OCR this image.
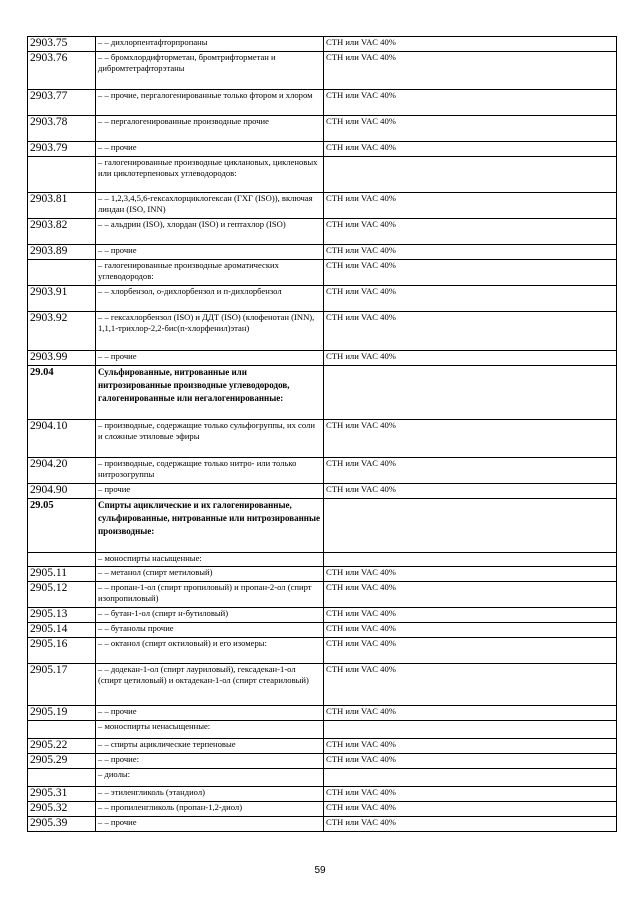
2903.75	– – дихлорпентафторпропаны	СТН или VAC 40%
2903.76	– – бромхлордифторметан, бромтрифторметан и дибромтетрафторэтаны	СТН или VAC 40%
2903.77	– – прочие, пергалогенированные только фтором и хлором	СТН или VAC 40%
2903.78	– – пергалогенированные производные прочие	СТН или VAC 40%
2903.79	– – прочие	СТН или VAC 40%
	– галогенированные производные циклановых, цикленовых или циклотерпеновых углеводородов:	
2903.81	– – 1,2,3,4,5,6-гексахлорциклогексан (ГХГ (ISO)), включая линдан (ISO, INN)	СТН или VAC 40%
2903.82	– – альдрин (ISO), хлордан (ISO) и гептахлор (ISO)	СТН или VAC 40%
2903.89	– – прочие	СТН или VAC 40%
	– галогенированные производные ароматических углеводородов:	СТН или VAC 40%
2903.91	– – хлорбензол, о-дихлорбензол и п-дихлорбензол	СТН или VAC 40%
2903.92	– – гексахлорбензол (ISO) и ДДТ (ISO) (клофенотан (INN), 1,1,1-трихлор-2,2-бис(п-хлорфенил)этан)	СТН или VAC 40%
2903.99	– – прочие	СТН или VAC 40%
29.04	Сульфированные, нитрованные или нитрозированные производные углеводородов, галогенированные или негалогенированные:	
2904.10	– производные, содержащие только сульфогруппы, их соли и сложные этиловые эфиры	СТН или VAC 40%
2904.20	– производные, содержащие только нитро- или только нитрозогруппы	СТН или VAC 40%
2904.90	– прочие	СТН или VAC 40%
29.05	Спирты ациклические и их галогенированные, сульфированные, нитрованные или нитрозированные производные:	
	– моноспирты насыщенные:	
2905.11	– – метанол (спирт метиловый)	СТН или VAC 40%
2905.12	– – пропан-1-ол (спирт пропиловый) и пропан-2-ол (спирт изопропиловый)	СТН или VAC 40%
2905.13	– – бутан-1-ол (спирт н-бутиловый)	СТН или VAC 40%
2905.14	– – бутанолы прочие	СТН или VAC 40%
2905.16	– – октанол (спирт октиловый) и его изомеры:	СТН или VAC 40%
2905.17	– – додекан-1-ол (спирт лауриловый), гексадекан-1-ол (спирт цетиловый) и октадекан-1-ол (спирт стеариловый)	СТН или VAC 40%
2905.19	– – прочие	СТН или VAC 40%
	– моноспирты ненасыщенные:	
2905.22	– – спирты ациклические терпеновые	СТН или VAC 40%
2905.29	– – прочие:	СТН или VAC 40%
	– диолы:	
2905.31	– – этиленгликоль (этандиол)	СТН или VAC 40%
2905.32	– – пропиленгликоль (пропан-1,2-диол)	СТН или VAC 40%
2905.39	– – прочие	СТН или VAC 40%
59
